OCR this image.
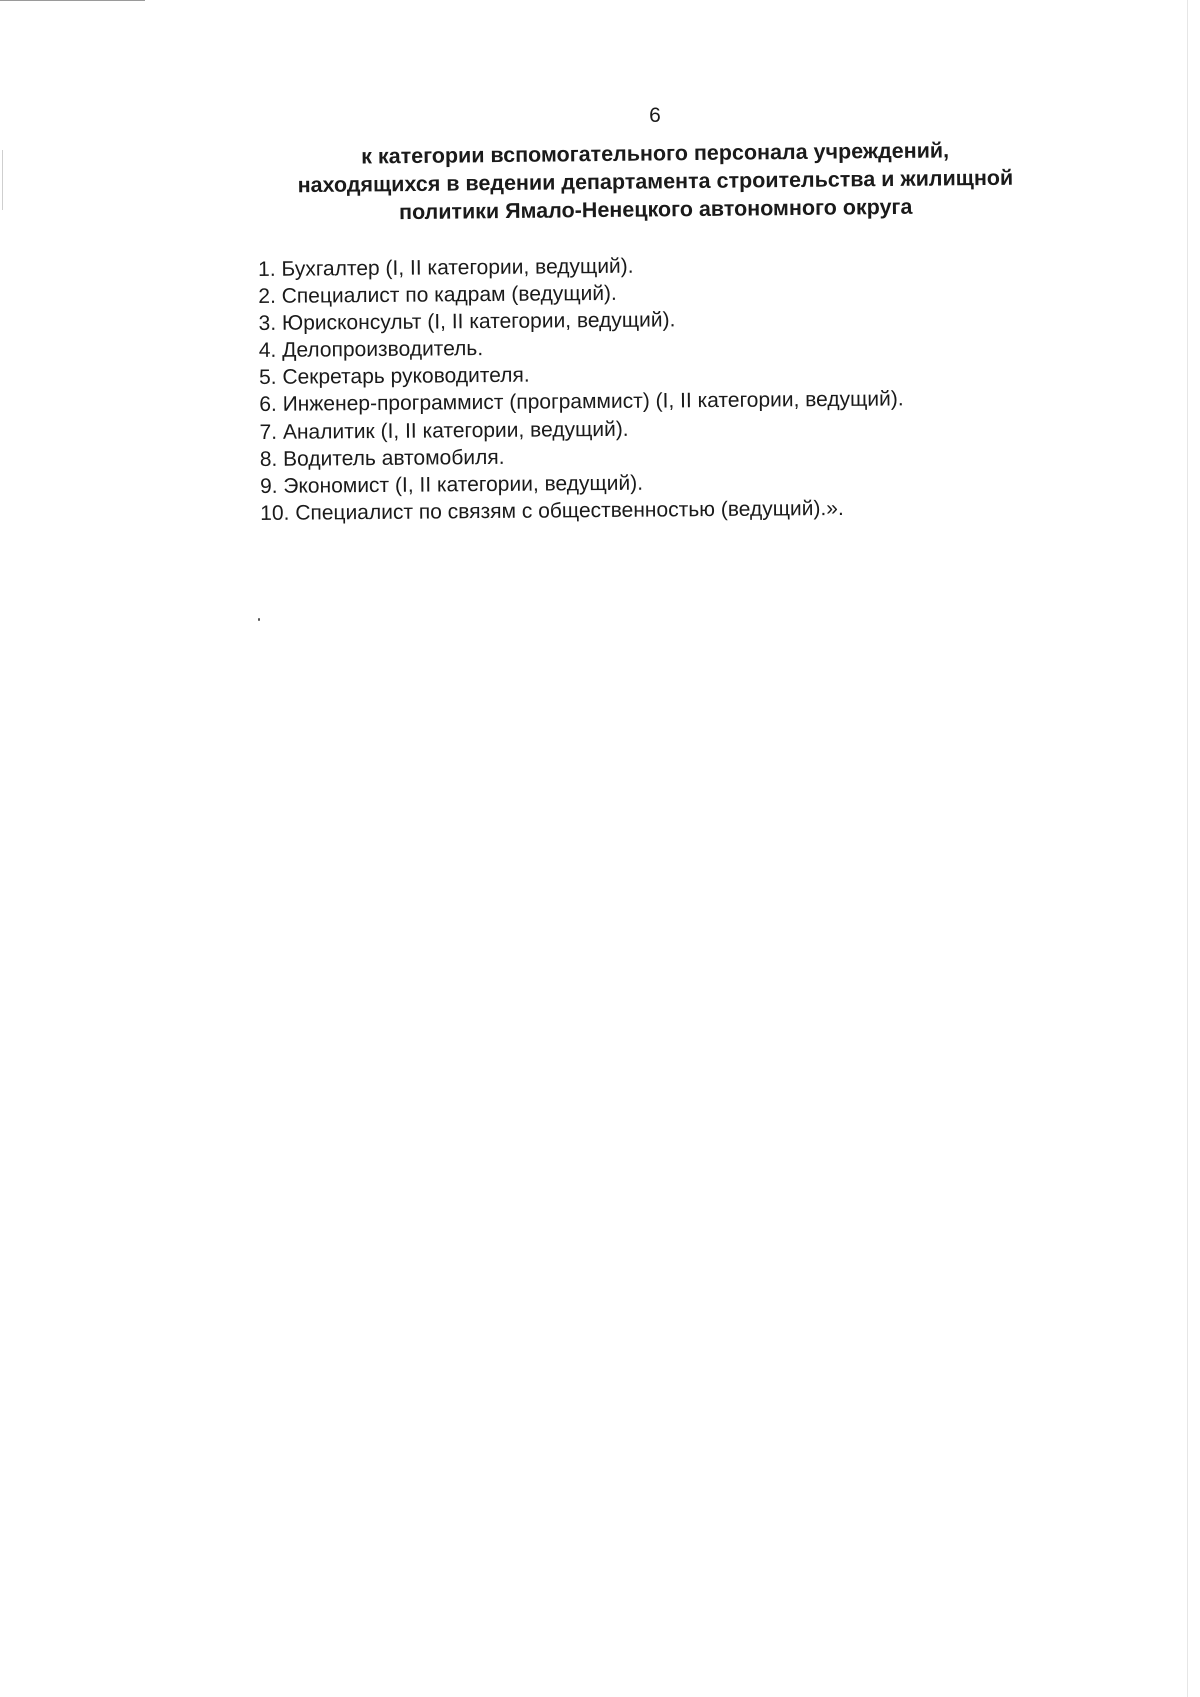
6
к категории вспомогательного персонала учреждений,
находящихся в ведении департамента строительства и жилищной
политики Ямало-Ненецкого автономного округа
1. Бухгалтер (I, II категории, ведущий).
2. Специалист по кадрам (ведущий).
3. Юрисконсульт (I, II категории, ведущий).
4. Делопроизводитель.
5. Секретарь руководителя.
6. Инженер-программист (программист) (I, II категории, ведущий).
7. Аналитик (I, II категории, ведущий).
8. Водитель автомобиля.
9. Экономист (I, II категории, ведущий).
10. Специалист по связям с общественностью (ведущий).».
